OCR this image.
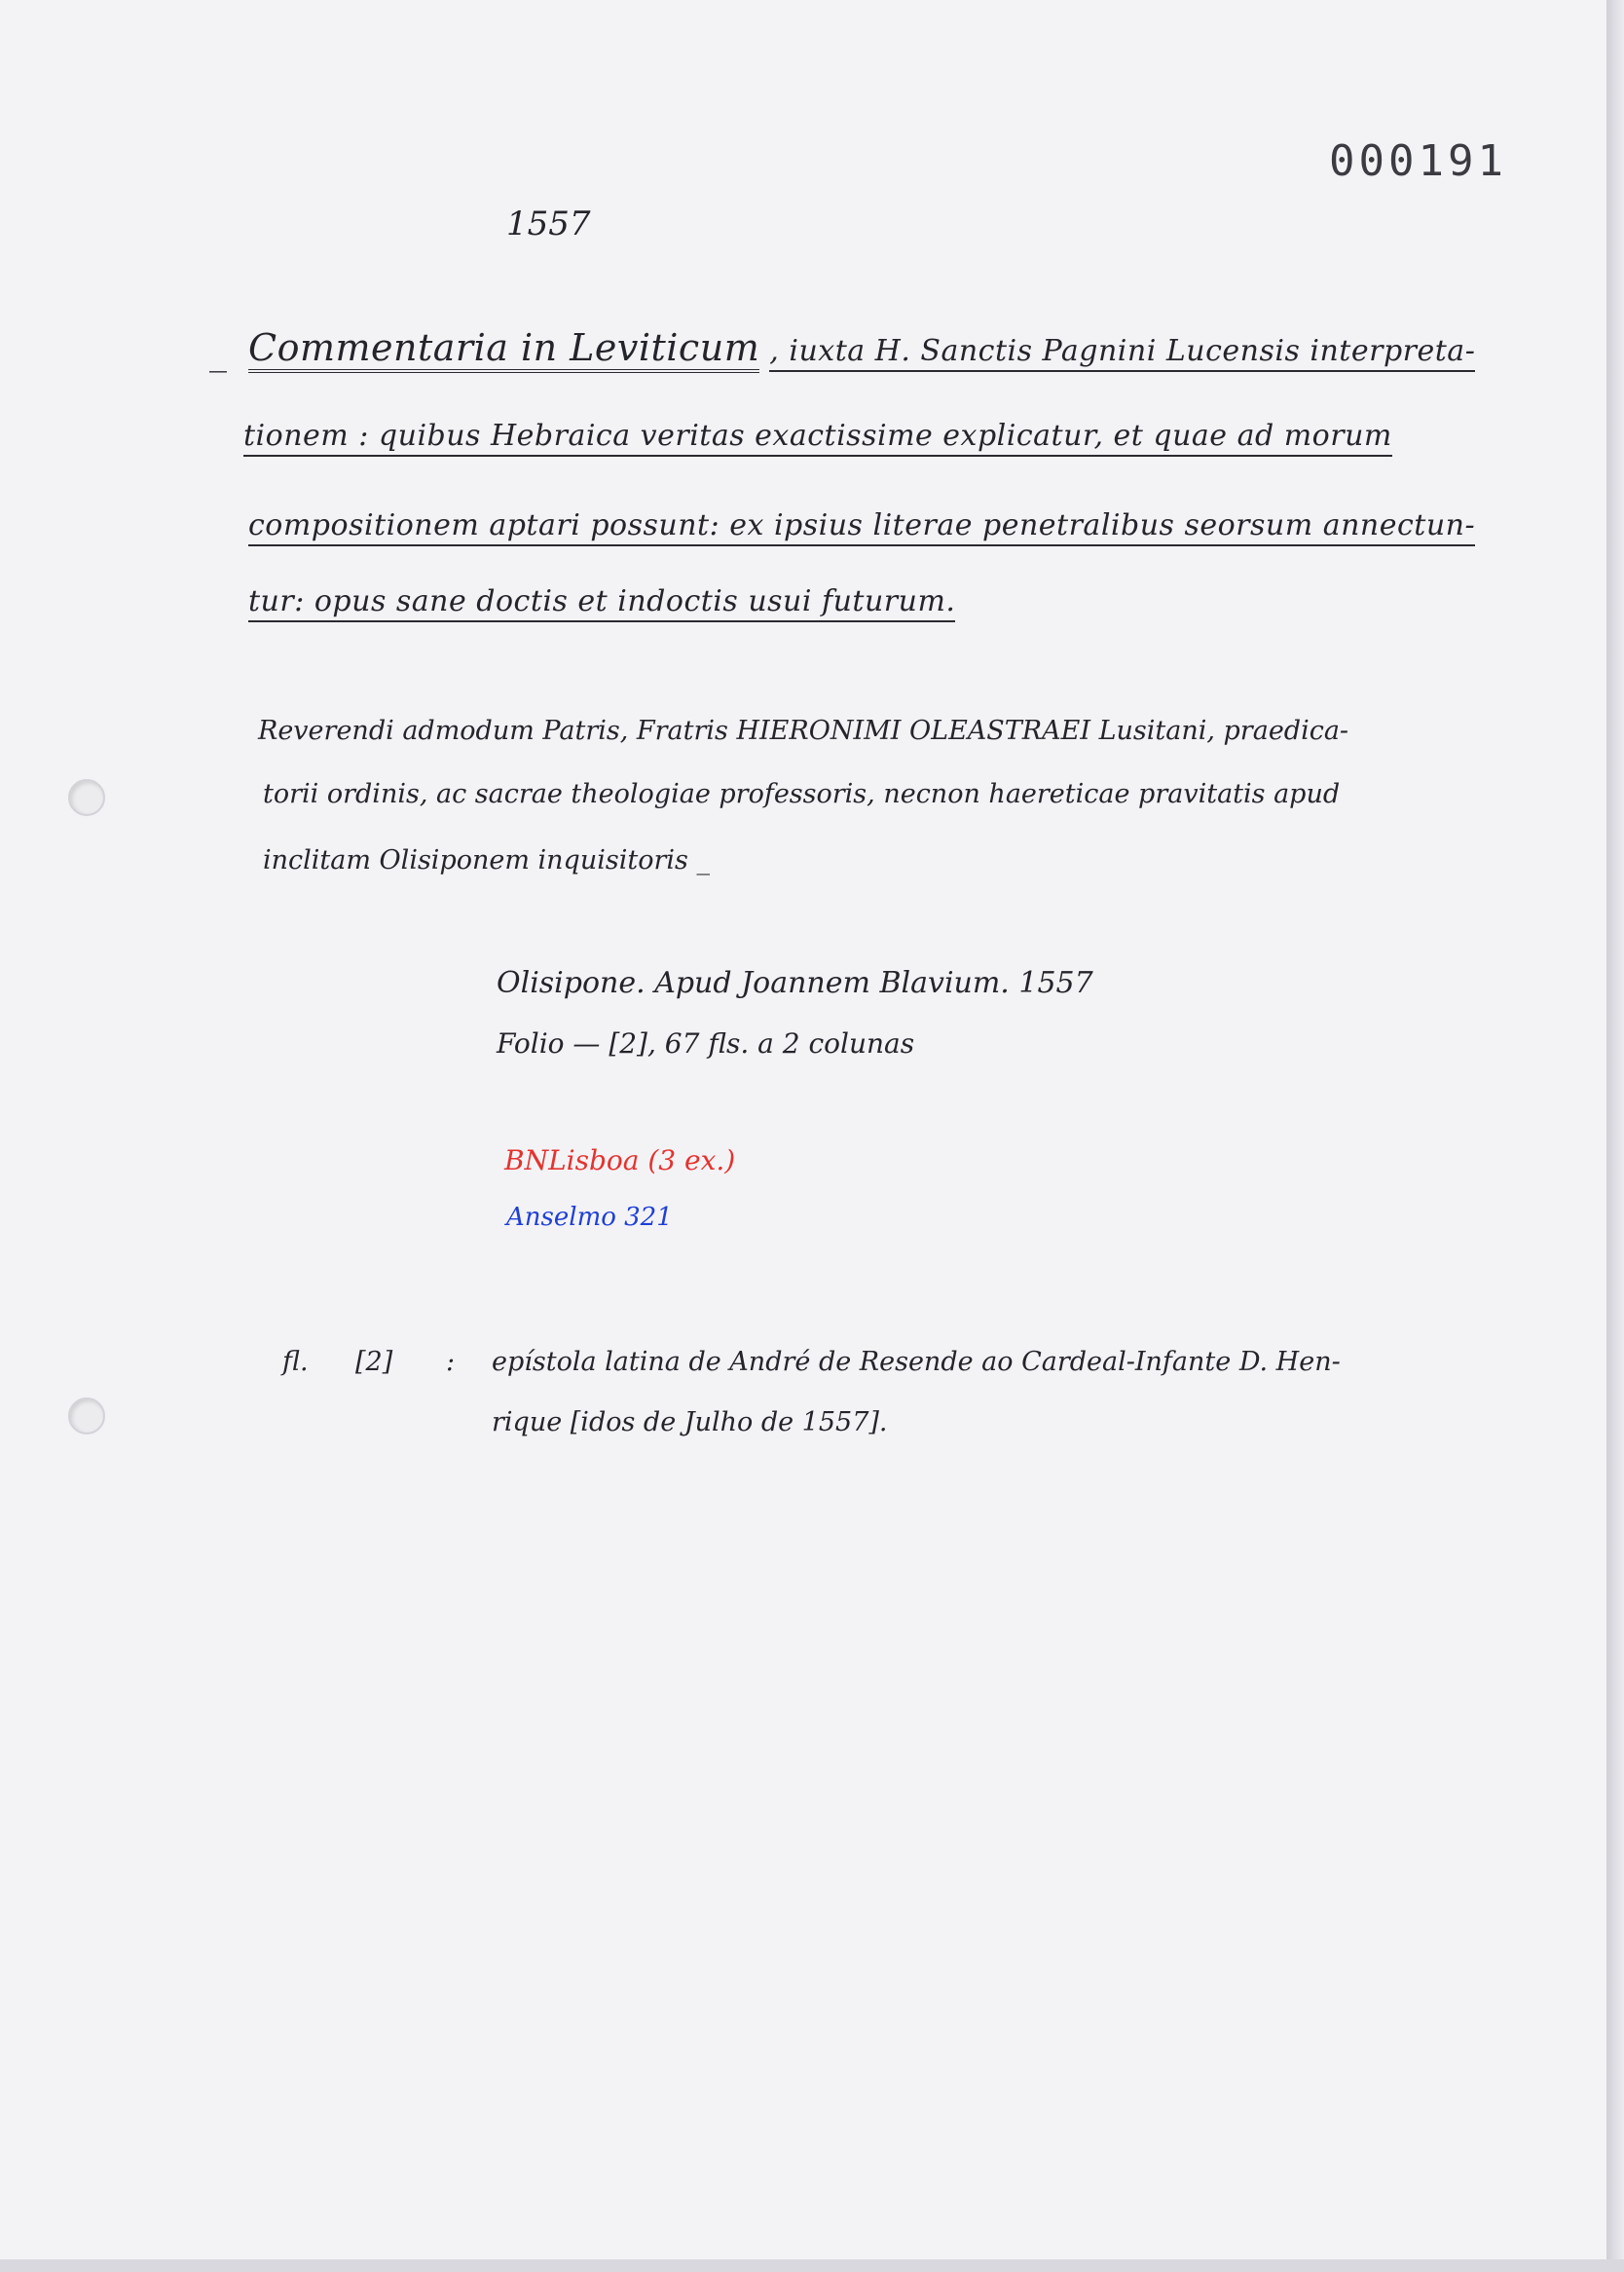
000191
1557
_ Commentaria in Leviticum , iuxta H. Sanctis Pagnini Lucensis interpreta-
tionem : quibus Hebraica veritas exactissime explicatur, et quae ad morum
compositionem aptari possunt: ex ipsius literae penetralibus seorsum annectun-
tur: opus sane doctis et indoctis usui futurum.
Reverendi admodum Patris, Fratris HIERONIMI OLEASTRAEI Lusitani, praedica-
torii ordinis, ac sacrae theologiae professoris, necnon haereticae pravitatis apud
inclitam Olisiponem inquisitoris _
Olisipone. Apud Joannem Blavium. 1557
Folio — [2], 67 fls. a 2 colunas
BNLisboa (3 ex.)
Anselmo 321
fl. [2] : epístola latina de André de Resende ao Cardeal-Infante D. Hen-
rique [idos de Julho de 1557].
